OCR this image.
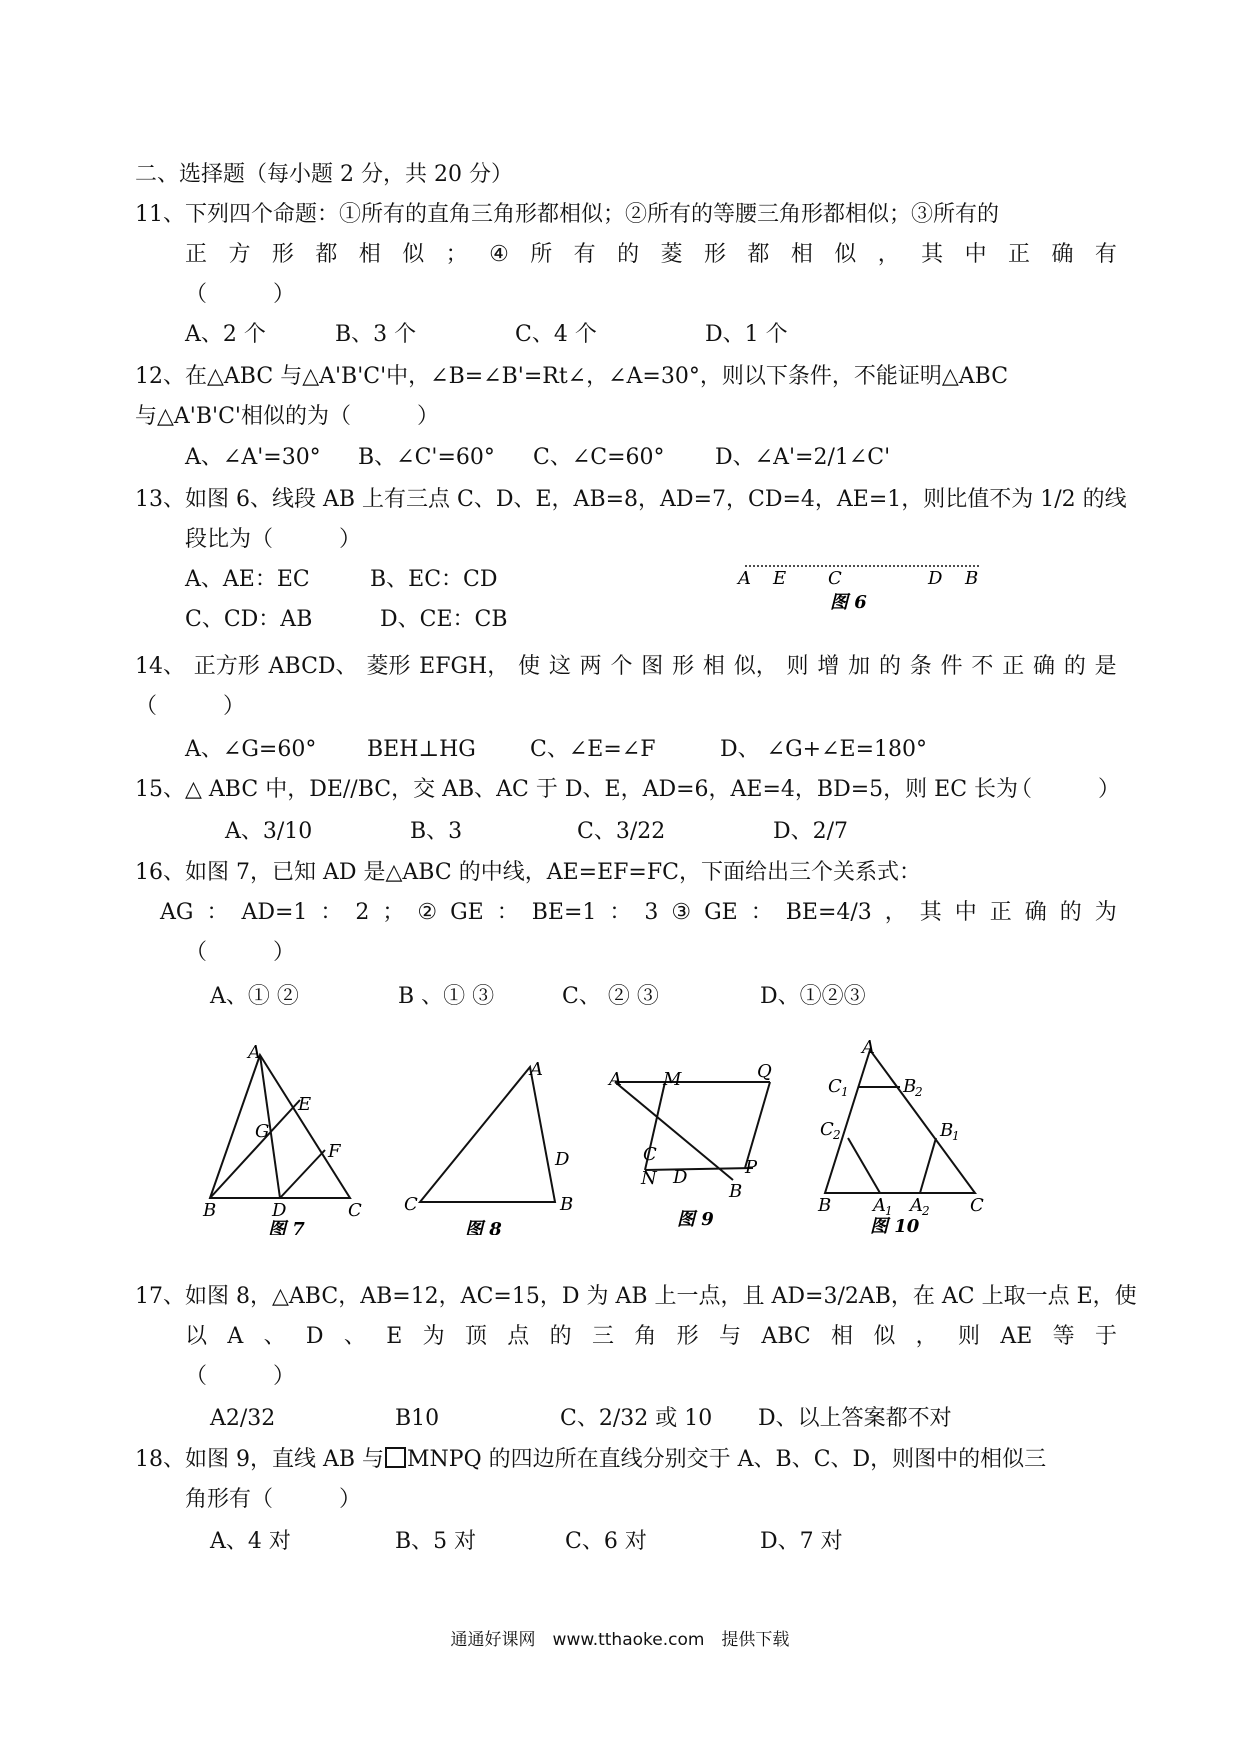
二、选择题（每小题 2 分，共 20 分）
11、下列四个命题：①所有的直角三角形都相似；②所有的等腰三角形都相似；③所有的
正 方 形 都 相 似 ； ④ 所 有 的 菱 形 都 相 似 ， 其 中 正 确 有
（　　　）
A、2 个	B、3 个	C、4 个	D、1 个
12、在△ABC 与△A'B'C'中，∠B=∠B'=Rt∠，∠A=30°，则以下条件，不能证明△ABC
与△A'B'C'相似的为（　　　）
A、∠A'=30° B、∠C'=60° C、∠C=60° D、∠A'=2/1∠C'
13、如图 6、线段 AB 上有三点 C、D、E，AB=8，AD=7，CD=4，AE=1，则比值不为 1/2 的线
段比为（　　　）
A、AE：EC	B、EC：CD
C、CD：AB	D、CE：CB
A E C	D B
图 6
14、 正方形 ABCD、 菱形 EFGH， 使 这 两 个 图 形 相 似， 则 增 加 的 条 件 不 正 确 的 是
（　　　）
A、∠G=60° BEH⊥HG C、∠E=∠F	D、 ∠G+∠E=180°
15、△ ABC 中，DE//BC，交 AB、AC 于 D、E，AD=6，AE=4，BD=5，则 EC 长为
（　　　）
A、3/10	B、3	C、3/22	D、2/7
16、如图 7，已知 AD 是△ABC 的中线，AE=EF=FC，下面给出三个关系式：
AG ： AD=1 ： 2 ； ② GE ： BE=1 ： 3 ③ GE ： BE=4/3 ， 其 中 正 确 的 为
（　　　）
A、① ②	B 、① ③	C、 ② ③	D、①②③
A
E
G
F
B	D	C
图 7
A
D
C	B
图 8
A M	Q
C
N D	P
B
图 9
A
C 1	B
2
C 2	B
1
B A 1 A 2 C
图 10
17、如图 8，△ABC，AB=12，AC=15，D 为 AB 上一点，且 AD=3/2AB，在 AC 上取一点 E，使
以 A 、 D 、 E 为 顶 点 的 三 角 形 与 ABC 相 似 ， 则 AE 等 于
（　　　）
A2/32	B10	C、2/32 或 10 D、以上答案都不对
18、如图 9，直线 AB 与 MNPQ 的四边所在直线分别交于 A、B、C、D，则图中的相似三
角形有（　　　）
A、4 对	B、5 对	C、6 对	D、7 对
通通好课网　www.tthaoke.com　提供下载
